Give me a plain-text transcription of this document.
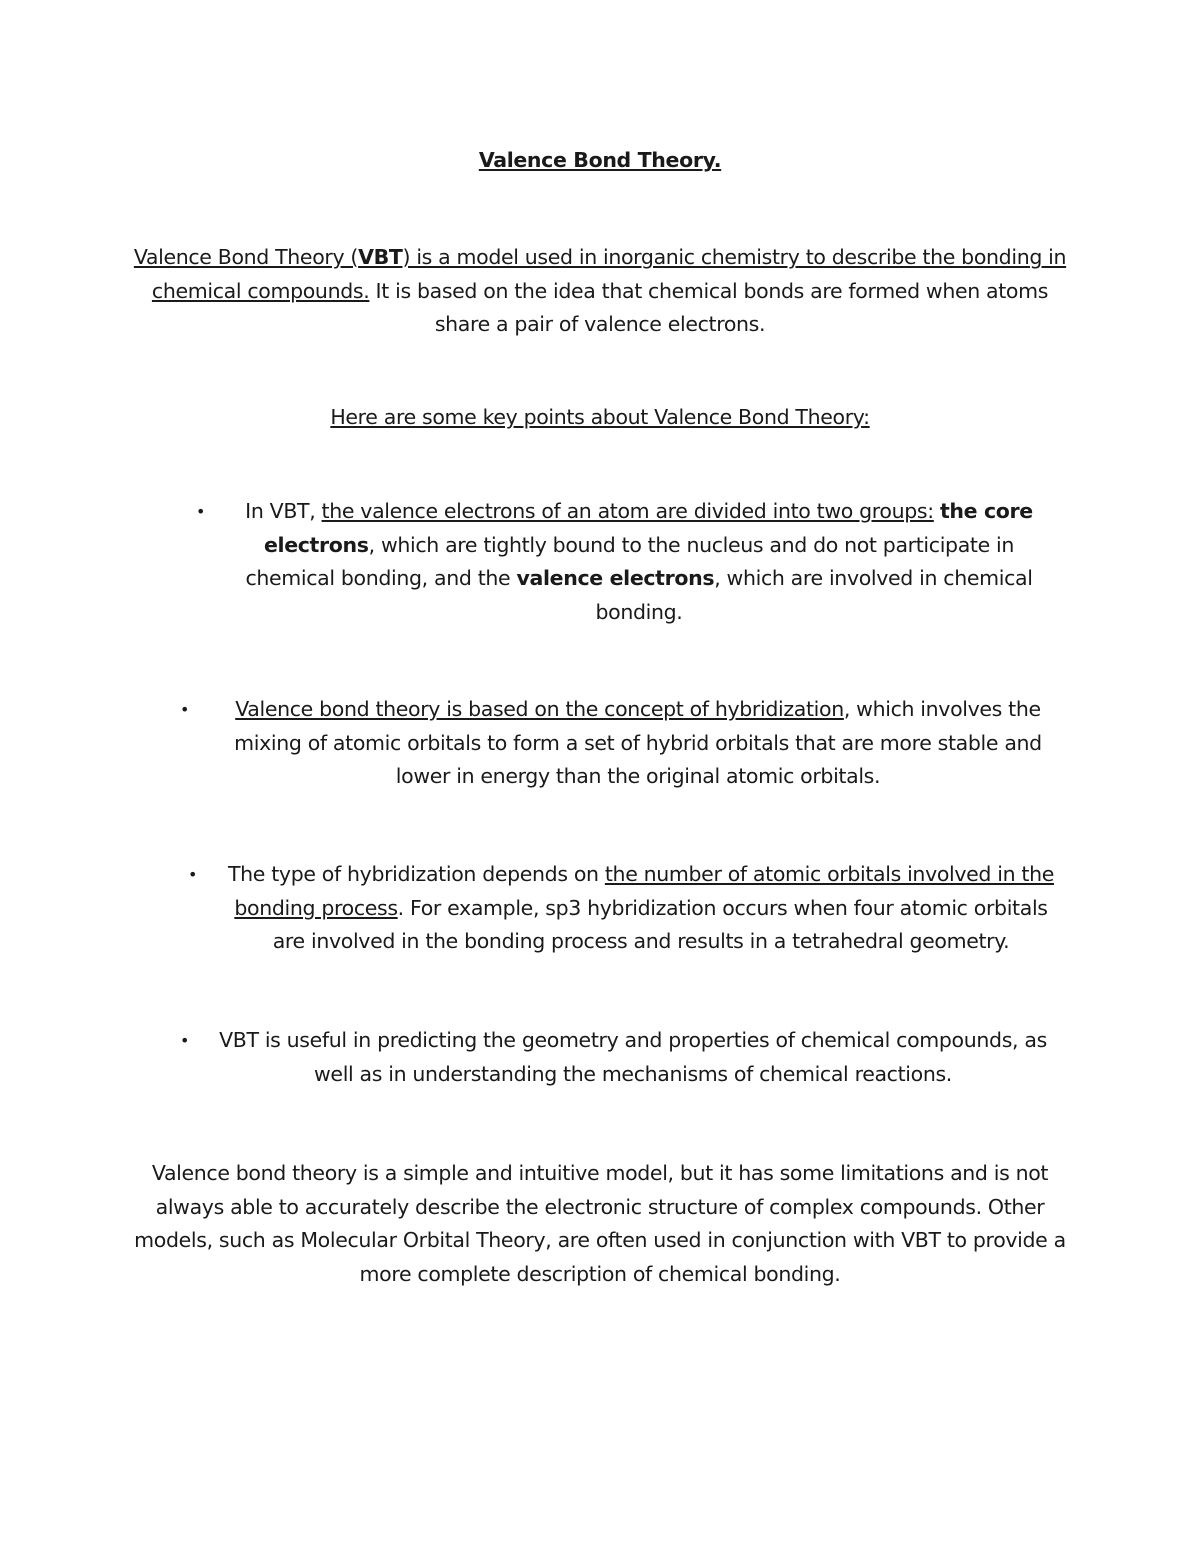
Valence Bond Theory.
Valence Bond Theory (VBT) is a model used in inorganic chemistry to describe the bonding in chemical compounds. It is based on the idea that chemical bonds are formed when atoms share a pair of valence electrons.
Here are some key points about Valence Bond Theory:
•	In VBT, the valence electrons of an atom are divided into two groups: the core electrons, which are tightly bound to the nucleus and do not participate in chemical bonding, and the valence electrons, which are involved in chemical bonding.
•	Valence bond theory is based on the concept of hybridization, which involves the mixing of atomic orbitals to form a set of hybrid orbitals that are more stable and lower in energy than the original atomic orbitals.
•	The type of hybridization depends on the number of atomic orbitals involved in the bonding process. For example, sp3 hybridization occurs when four atomic orbitals are involved in the bonding process and results in a tetrahedral geometry.
•	VBT is useful in predicting the geometry and properties of chemical compounds, as well as in understanding the mechanisms of chemical reactions.
Valence bond theory is a simple and intuitive model, but it has some limitations and is not always able to accurately describe the electronic structure of complex compounds. Other models, such as Molecular Orbital Theory, are often used in conjunction with VBT to provide a more complete description of chemical bonding.
